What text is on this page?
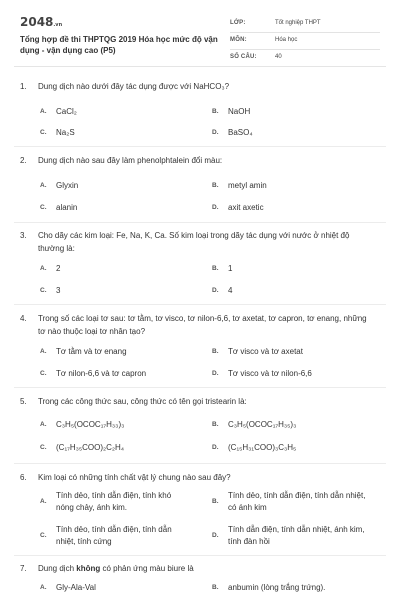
2048.vn
Tổng hợp đề thi THPTQG 2019 Hóa học mức độ vận dụng - vận dụng cao (P5)
LỚP:	Tốt nghiệp THPT
MÔN:	Hóa học
SỐ CÂU:	40
1. Dung dịch nào dưới đây tác dụng được với NaHCO₃?
A. CaCl₂	B. NaOH
C. Na₂S	D. BaSO₄
2. Dung dịch nào sau đây làm phenolphtalein đổi màu:
A. Glyxin	B. metyl amin
C. alanin	D. axit axetic
3. Cho dãy các kim loại: Fe, Na, K, Ca. Số kim loại trong dãy tác dụng với nước ở nhiệt độ thường là:
A. 2	B. 1
C. 3	D. 4
4. Trong số các loại tơ sau: tơ tằm, tơ visco, tơ nilon-6,6, tơ axetat, tơ capron, tơ enang, những tơ nào thuộc loại tơ nhân tạo?
A. Tơ tằm và tơ enang	B. Tơ visco và tơ axetat
C. Tơ nilon-6,6 và tơ capron	D. Tơ visco và tơ nilon-6,6
5. Trong các công thức sau, công thức có tên gọi tristearin là:
A. C₃H₅(OCOC₁₇H₃₃)₃	B. C₃H₅(OCOC₁₇H₃₅)₃
C. (C₁₇H₃₅COO)₂C₂H₄	D. (C₁₅H₃₁COO)₃C₃H₅
6. Kim loại có những tính chất vật lý chung nào sau đây?
A.
Tính dẻo, tính dẫn điện, tính khó nóng chảy, ánh kim.
B.
Tính dẻo, tính dẫn điện, tính dẫn nhiệt, có ánh kim
C.
Tính dẻo, tính dẫn điện, tính dẫn nhiệt, tính cứng
D.
Tính dẫn điện, tính dẫn nhiệt, ánh kim, tính đàn hồi
7. Dung dịch không có phản ứng màu biure là
A. Gly-Ala-Val	B. anbumin (lòng trắng trứng).
